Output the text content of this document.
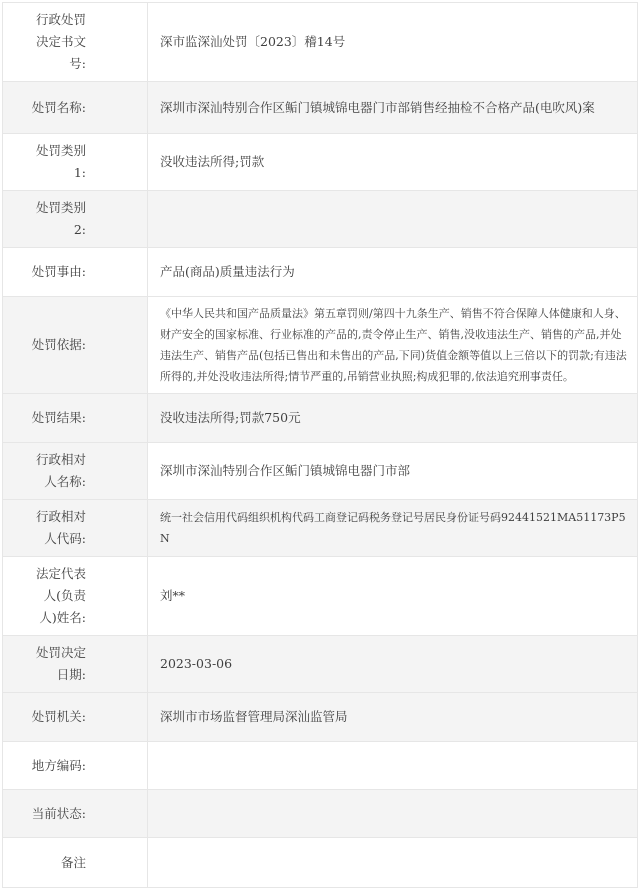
行政处罚决定书文号:	深市监深汕处罚〔2023〕稽14号
处罚名称:	深圳市深汕特别合作区鲘门镇城锦电器门市部销售经抽检不合格产品(电吹风)案
处罚类别1:	没收违法所得;罚款
处罚类别2:	
处罚事由:	产品(商品)质量违法行为
处罚依据:	《中华人民共和国产品质量法》第五章罚则/第四十九条生产、销售不符合保障人体健康和人身、财产安全的国家标准、行业标准的产品的,责令停止生产、销售,没收违法生产、销售的产品,并处违法生产、销售产品(包括已售出和未售出的产品,下同)货值金额等值以上三倍以下的罚款;有违法所得的,并处没收违法所得;情节严重的,吊销营业执照;构成犯罪的,依法追究刑事责任。
处罚结果:	没收违法所得;罚款750元
行政相对人名称:	深圳市深汕特别合作区鲘门镇城锦电器门市部
行政相对人代码:	统一社会信用代码组织机构代码工商登记码税务登记号居民身份证号码92441521MA51173P5N
法定代表人(负责人)姓名:	刘**
处罚决定日期:	2023-03-06
处罚机关:	深圳市市场监督管理局深汕监管局
地方编码:	
当前状态:	
备注	
